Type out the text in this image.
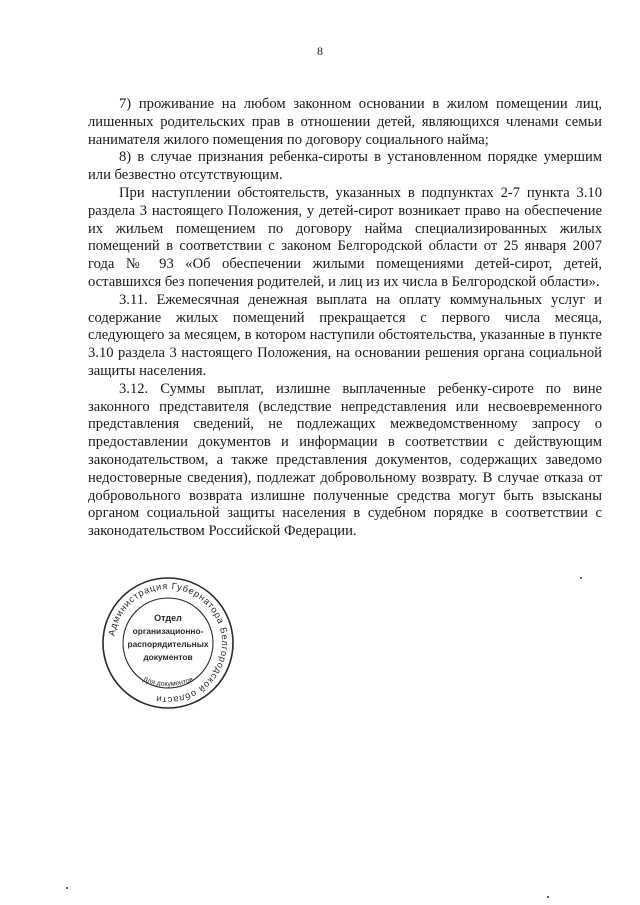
8

7) проживание на любом законном основании в жилом помещении лиц, лишенных родительских прав в отношении детей, являющихся членами семьи нанимателя жилого помещения по договору социального найма;

8) в случае признания ребенка-сироты в установленном порядке умершим или безвестно отсутствующим.

При наступлении обстоятельств, указанных в подпунктах 2-7 пункта 3.10 раздела 3 настоящего Положения, у детей-сирот возникает право на обеспечение их жильем помещением по договору найма специализированных жилых помещений в соответствии с законом Белгородской области от 25 января 2007 года № 93 «Об обеспечении жилыми помещениями детей-сирот, детей, оставшихся без попечения родителей, и лиц из их числа в Белгородской области».

3.11. Ежемесячная денежная выплата на оплату коммунальных услуг и содержание жилых помещений прекращается с первого числа месяца, следующего за месяцем, в котором наступили обстоятельства, указанные в пункте 3.10 раздела 3 настоящего Положения, на основании решения органа социальной защиты населения.

3.12. Суммы выплат, излишне выплаченные ребенку-сироте по вине законного представителя (вследствие непредставления или несвоевременного представления сведений, не подлежащих межведомственному запросу о предоставлении документов и информации в соответствии с действующим законодательством, а также представления документов, содержащих заведомо недостоверные сведения), подлежат добровольному возврату. В случае отказа от добровольного возврата излишне полученные средства могут быть взысканы органом социальной защиты населения в судебном порядке в соответствии с законодательством Российской Федерации.

Администрация Губернатора Белгородской области
Отдел
организационно-
распорядительных
документов
Для документов
